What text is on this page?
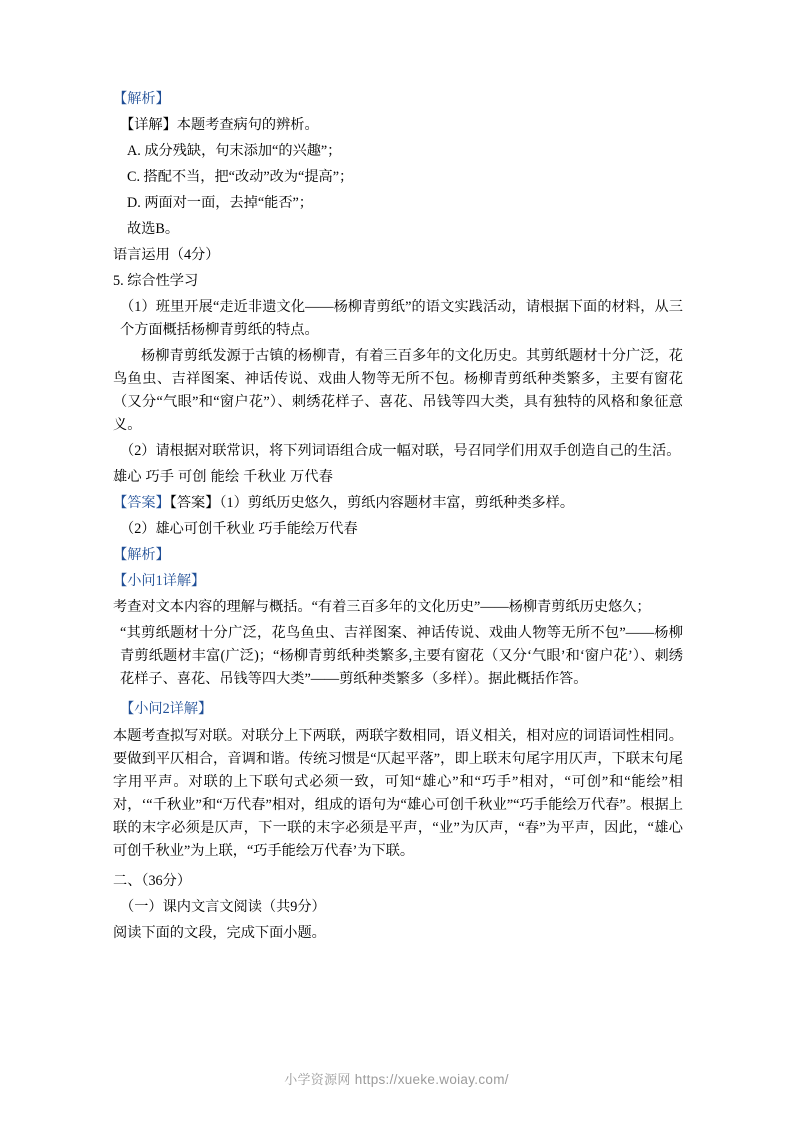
【解析】

【详解】本题考查病句的辨析。

A. 成分残缺，句末添加“的兴趣”；

C. 搭配不当，把“改动”改为“提高”；

D. 两面对一面，去掉“能否”；

故选B。

语言运用（4分）

5. 综合性学习

（1）班里开展“走近非遗文化——杨柳青剪纸”的语文实践活动，请根据下面的材料，从三个方面概括杨柳青剪纸的特点。

杨柳青剪纸发源于古镇的杨柳青，有着三百多年的文化历史。其剪纸题材十分广泛，花鸟鱼虫、吉祥图案、神话传说、戏曲人物等无所不包。杨柳青剪纸种类繁多，主要有窗花（又分“气眼”和“窗户花”）、刺绣花样子、喜花、吊钱等四大类，具有独特的风格和象征意义。

（2）请根据对联常识，将下列词语组合成一幅对联，号召同学们用双手创造自己的生活。

雄心 巧手 可创 能绘 千秋业 万代春

【答案】【答案】（1）剪纸历史悠久，剪纸内容题材丰富，剪纸种类多样。

（2）雄心可创千秋业 巧手能绘万代春

【解析】

【小问1详解】

考查对文本内容的理解与概括。“有着三百多年的文化历史”——杨柳青剪纸历史悠久；

“其剪纸题材十分广泛，花鸟鱼虫、吉祥图案、神话传说、戏曲人物等无所不包”——杨柳青剪纸题材丰富(广泛)；“杨柳青剪纸种类繁多,主要有窗花（又分‘气眼’和‘窗户花’）、刺绣花样子、喜花、吊钱等四大类”——剪纸种类繁多（多样）。据此概括作答。

【小问2详解】

本题考查拟写对联。对联分上下两联，两联字数相同，语义相关，相对应的词语词性相同。要做到平仄相合，音调和谐。传统习惯是“仄起平落”，即上联末句尾字用仄声，下联末句尾字用平声。对联的上下联句式必须一致，可知“雄心”和“巧手”相对，“可创”和“能绘”相对，‘“千秋业”和“万代春”相对，组成的语句为“雄心可创千秋业”“巧手能绘万代春”。根据上联的末字必须是仄声，下一联的末字必须是平声，“业”为仄声，“春”为平声，因此，“雄心可创千秋业”为上联，“巧手能绘万代春’为下联。

二、（36分）

（一）课内文言文阅读（共9分）

阅读下面的文段，完成下面小题。

小学资源网 https://xueke.woiay.com/
